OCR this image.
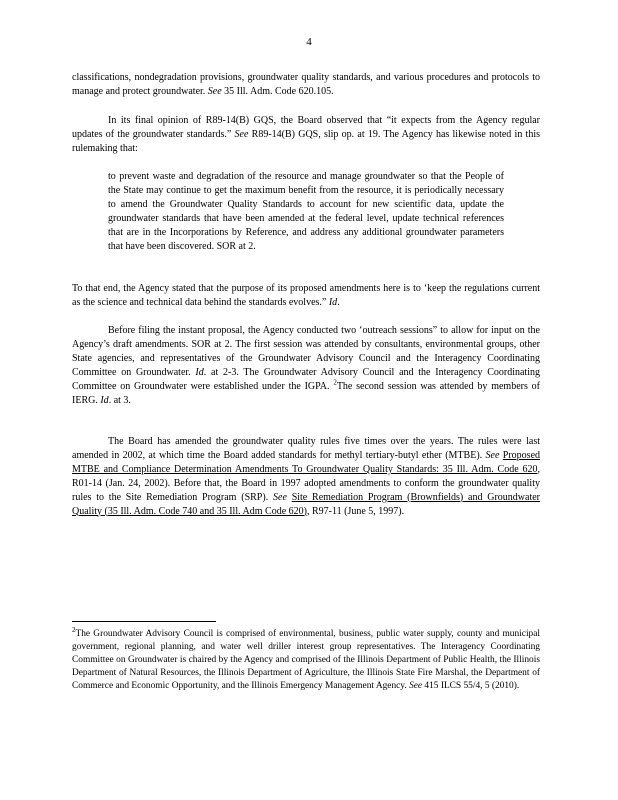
4

classifications, nondegradation provisions, groundwater quality standards, and various procedures and protocols to manage and protect groundwater. See 35 Ill. Adm. Code 620.105.

In its final opinion of R89-14(B) GQS, the Board observed that “it expects from the Agency regular updates of the groundwater standards.” See R89-14(B) GQS, slip op. at 19. The Agency has likewise noted in this rulemaking that:

to prevent waste and degradation of the resource and manage groundwater so that the People of the State may continue to get the maximum benefit from the resource, it is periodically necessary to amend the Groundwater Quality Standards to account for new scientific data, update the groundwater standards that have been amended at the federal level, update technical references that are in the Incorporations by Reference, and address any additional groundwater parameters that have been discovered. SOR at 2.

To that end, the Agency stated that the purpose of its proposed amendments here is to ‘keep the regulations current as the science and technical data behind the standards evolves.” Id.

Before filing the instant proposal, the Agency conducted two ‘outreach sessions” to allow for input on the Agency’s draft amendments. SOR at 2. The first session was attended by consultants, environmental groups, other State agencies, and representatives of the Groundwater Advisory Council and the Interagency Coordinating Committee on Groundwater. Id. at 2-3. The Groundwater Advisory Council and the Interagency Coordinating Committee on Groundwater were established under the IGPA. $^2$The second session was attended by members of IERG. Id. at 3.

The Board has amended the groundwater quality rules five times over the years. The rules were last amended in 2002, at which time the Board added standards for methyl tertiary-butyl ether (MTBE). See Proposed MTBE and Compliance Determination Amendments To Groundwater Quality Standards: 35 Ill. Adm. Code 620, R01-14 (Jan. 24, 2002). Before that, the Board in 1997 adopted amendments to conform the groundwater quality rules to the Site Remediation Program (SRP). See Site Remediation Program (Brownfields) and Groundwater Quality (35 Ill. Adm. Code 740 and 35 Ill. Adm Code 620), R97-11 (June 5, 1997).

$^2$The Groundwater Advisory Council is comprised of environmental, business, public water supply, county and municipal government, regional planning, and water well driller interest group representatives. The Interagency Coordinating Committee on Groundwater is chaired by the Agency and comprised of the Illinois Department of Public Health, the Illinois Department of Natural Resources, the Illinois Department of Agriculture, the Illinois State Fire Marshal, the Department of Commerce and Economic Opportunity, and the Illinois Emergency Management Agency. See 415 ILCS 55/4, 5 (2010).
